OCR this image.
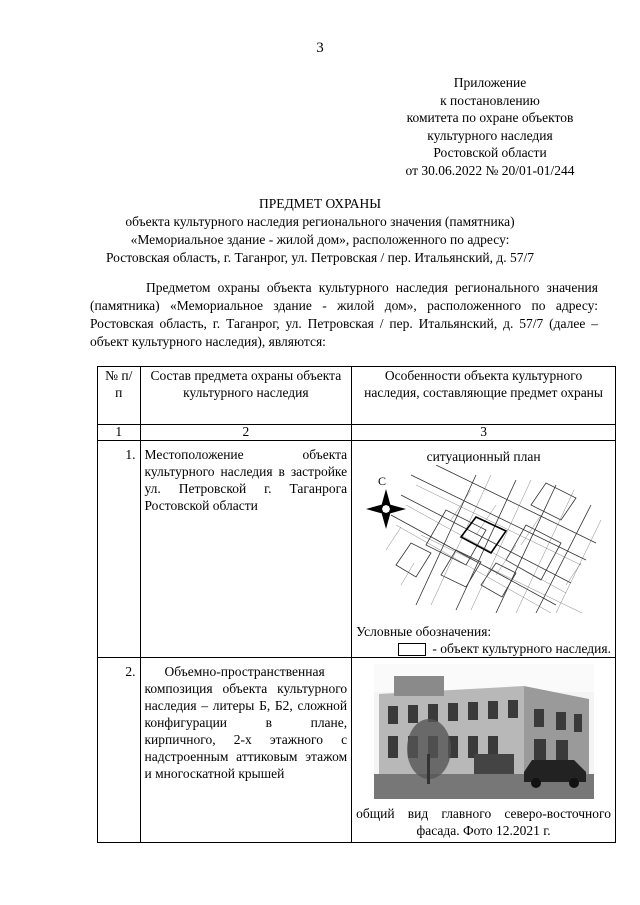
3
Приложение
к постановлению
комитета по охране объектов
культурного наследия
Ростовской области
от 30.06.2022 № 20/01-01/244
ПРЕДМЕТ ОХРАНЫ
объекта культурного наследия регионального значения (памятника)
«Мемориальное здание - жилой дом», расположенного по адресу:
Ростовская область, г. Таганрог, ул. Петровская / пер. Итальянский, д. 57/7

Предметом охраны объекта культурного наследия регионального значения (памятника) «Мемориальное здание - жилой дом», расположенного по адресу: Ростовская область, г. Таганрог, ул. Петровская / пер. Итальянский, д. 57/7 (далее – объект культурного наследия), являются:

№ п/п	Состав предмета охраны объекта культурного наследия	Особенности объекта культурного наследия, составляющие предмет охраны
1	2	3
1.	Местоположение объекта культурного наследия в застройке ул. Петровской г. Таганрога Ростовской области	ситуационный план
С
Условные обозначения:
- объект культурного наследия.

2.	Объемно-пространственная композиция объекта культурного наследия – литеры Б, Б2, сложной конфигурации в плане, кирпичного, 2-х этажного с надстроенным аттиковым этажом и многоскатной крышей	общий вид главного северо-восточного фасада. Фото 12.2021 г.
